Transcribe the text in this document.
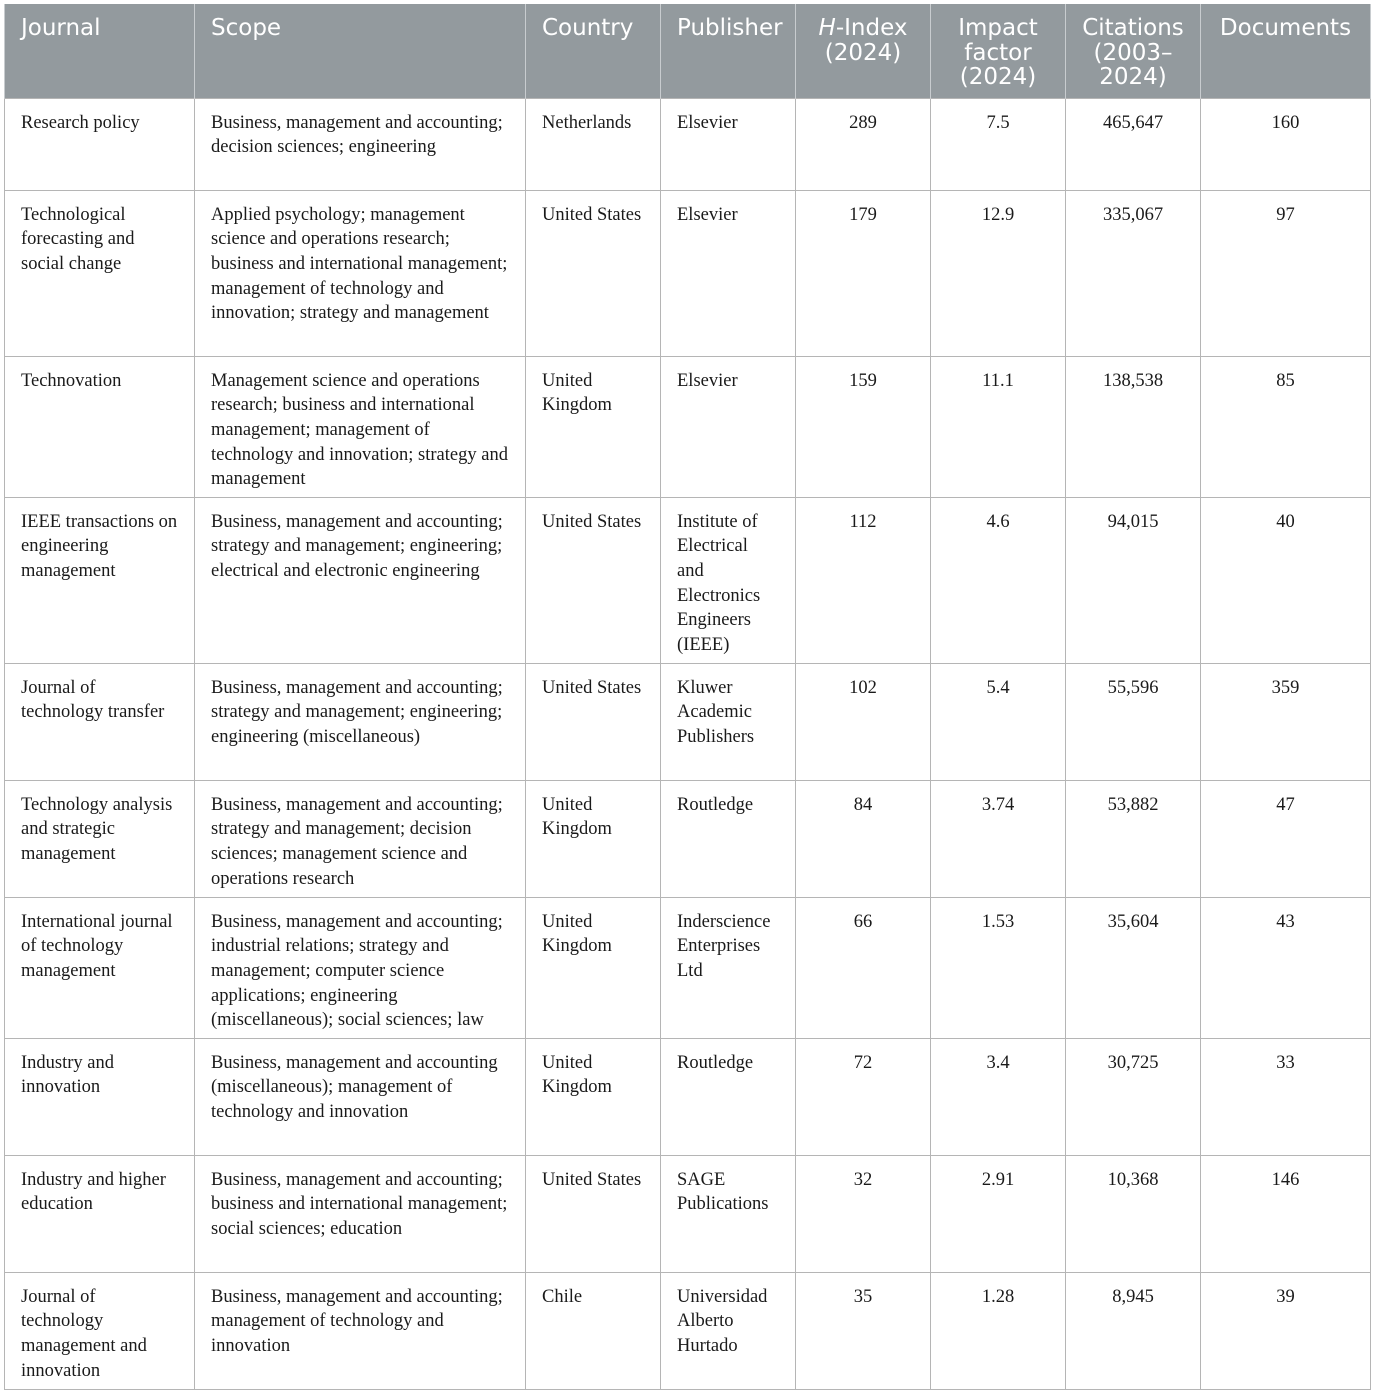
Journal	Scope	Country	Publisher	H-Index (2024)	Impact factor (2024)	Citations (2003–2024)	Documents
Research policy	Business, management and accounting; decision sciences; engineering	Netherlands	Elsevier	289	7.5	465,647	160
Technological forecasting and social change	Applied psychology; management science and operations research; business and international management; management of technology and innovation; strategy and management	United States	Elsevier	179	12.9	335,067	97
Technovation	Management science and operations research; business and international management; management of technology and innovation; strategy and management	United Kingdom	Elsevier	159	11.1	138,538	85
IEEE transactions on engineering management	Business, management and accounting; strategy and management; engineering; electrical and electronic engineering	United States	Institute of Electrical and Electronics Engineers (IEEE)	112	4.6	94,015	40
Journal of technology transfer	Business, management and accounting; strategy and management; engineering; engineering (miscellaneous)	United States	Kluwer Academic Publishers	102	5.4	55,596	359
Technology analysis and strategic management	Business, management and accounting; strategy and management; decision sciences; management science and operations research	United Kingdom	Routledge	84	3.74	53,882	47
International journal of technology management	Business, management and accounting; industrial relations; strategy and management; computer science applications; engineering (miscellaneous); social sciences; law	United Kingdom	Inderscience Enterprises Ltd	66	1.53	35,604	43
Industry and innovation	Business, management and accounting (miscellaneous); management of technology and innovation	United Kingdom	Routledge	72	3.4	30,725	33
Industry and higher education	Business, management and accounting; business and international management; social sciences; education	United States	SAGE Publications	32	2.91	10,368	146
Journal of technology management and innovation	Business, management and accounting; management of technology and innovation	Chile	Universidad Alberto Hurtado	35	1.28	8,945	39
